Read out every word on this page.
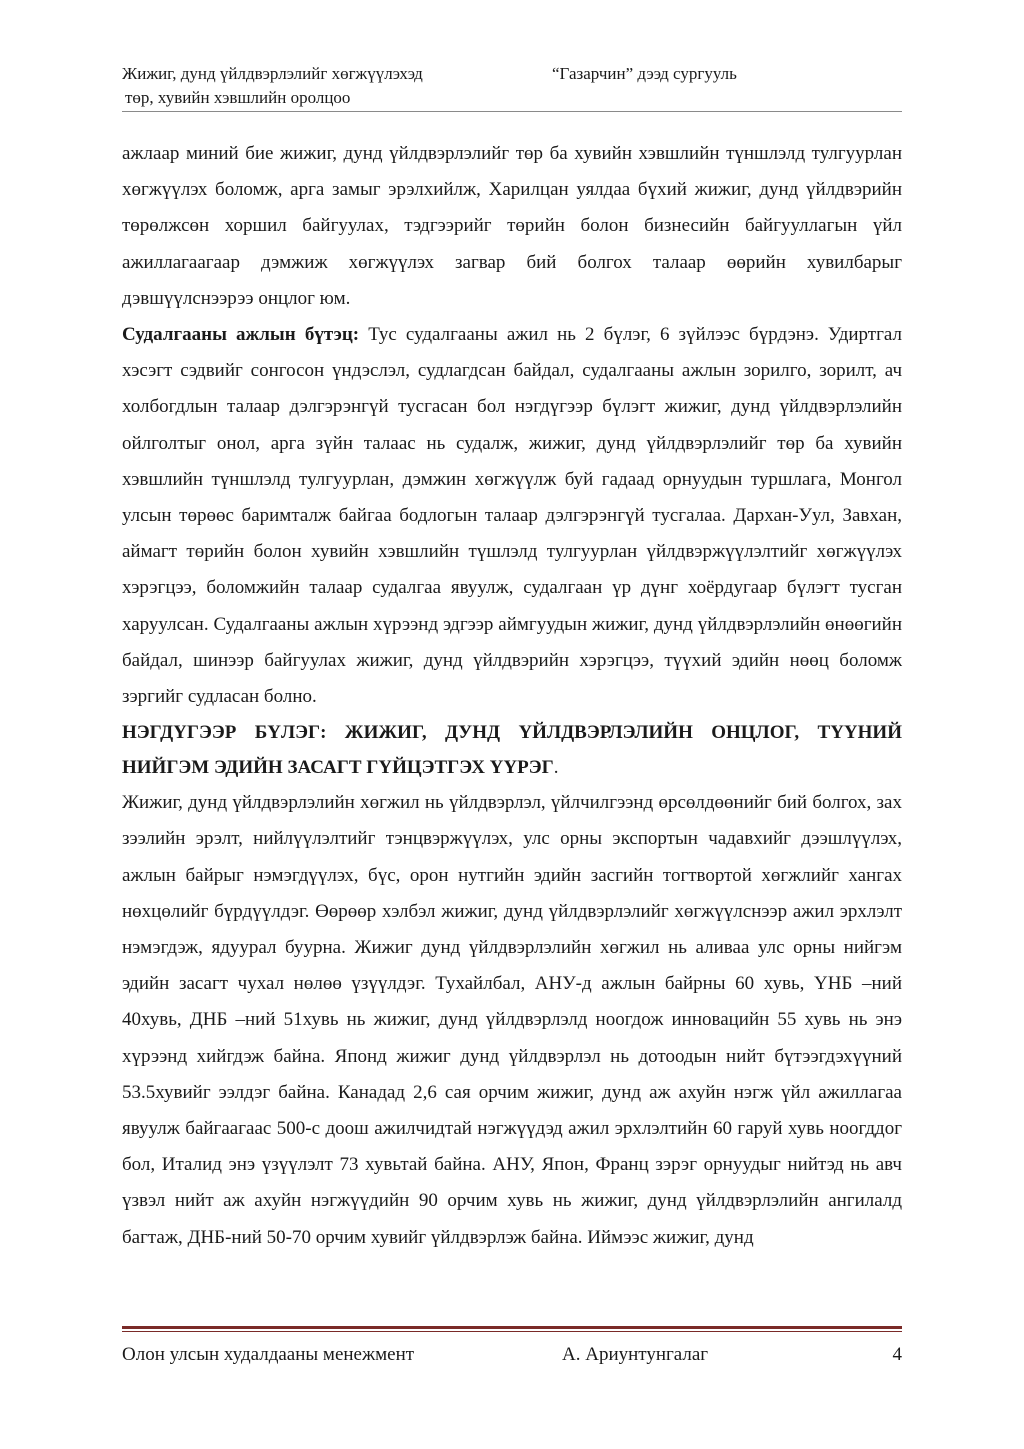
Жижиг, дунд үйлдвэрлэлийг хөгжүүлэхэд
төр, хувийн хэвшлийн оролцоо
“Газарчин” дээд сургууль

ажлаар миний бие жижиг, дунд үйлдвэрлэлийг төр ба хувийн хэвшлийн түншлэлд тулгуурлан хөгжүүлэх боломж, арга замыг эрэлхийлж, Харилцан уялдаа бүхий жижиг, дунд үйлдвэрийн төрөлжсөн хоршил байгуулах, тэдгээрийг төрийн болон бизнесийн байгууллагын үйл ажиллагаагаар дэмжиж хөгжүүлэх загвар бий болгох талаар өөрийн хувилбарыг дэвшүүлснээрээ онцлог юм.

Судалгааны ажлын бүтэц: Тус судалгааны ажил нь 2 бүлэг, 6 зүйлээс бүрдэнэ. Удиртгал хэсэгт сэдвийг сонгосон үндэслэл, судлагдсан байдал, судалгааны ажлын зорилго, зорилт, ач холбогдлын талаар дэлгэрэнгүй тусгасан бол нэгдүгээр бүлэгт жижиг, дунд үйлдвэрлэлийн ойлголтыг онол, арга зүйн талаас нь судалж, жижиг, дунд үйлдвэрлэлийг төр ба хувийн хэвшлийн түншлэлд тулгуурлан, дэмжин хөгжүүлж буй гадаад орнуудын туршлага, Монгол улсын төрөөс баримталж байгаа бодлогын талаар дэлгэрэнгүй тусгалаа. Дархан-Уул, Завхан, аймагт төрийн болон хувийн хэвшлийн түшлэлд тулгуурлан үйлдвэржүүлэлтийг хөгжүүлэх хэрэгцээ, боломжийн талаар судалгаа явуулж, судалгаан үр дүнг хоёрдугаар бүлэгт тусган харуулсан. Судалгааны ажлын хүрээнд эдгээр аймгуудын жижиг, дунд үйлдвэрлэлийн өнөөгийн байдал, шинээр байгуулах жижиг, дунд үйлдвэрийн хэрэгцээ, түүхий эдийн нөөц боломж зэргийг судласан болно.

НЭГДҮГЭЭР БҮЛЭГ: ЖИЖИГ, ДУНД ҮЙЛДВЭРЛЭЛИЙН ОНЦЛОГ, ТҮҮНИЙ НИЙГЭМ ЭДИЙН ЗАСАГТ ГҮЙЦЭТГЭХ ҮҮРЭГ.

Жижиг, дунд үйлдвэрлэлийн хөгжил нь үйлдвэрлэл, үйлчилгээнд өрсөлдөөнийг бий болгох, зах зээлийн эрэлт, нийлүүлэлтийг тэнцвэржүүлэх, улс орны экспортын чадавхийг дээшлүүлэх, ажлын байрыг нэмэгдүүлэх, бүс, орон нутгийн эдийн засгийн тогтвортой хөгжлийг хангах нөхцөлийг бүрдүүлдэг. Өөрөөр хэлбэл жижиг, дунд үйлдвэрлэлийг хөгжүүлснээр ажил эрхлэлт нэмэгдэж, ядуурал буурна. Жижиг дунд үйлдвэрлэлийн хөгжил нь аливаа улс орны нийгэм эдийн засагт чухал нөлөө үзүүлдэг. Тухайлбал, АНУ-д ажлын байрны 60 хувь, ҮНБ –ний 40хувь, ДНБ –ний 51хувь нь жижиг, дунд үйлдвэрлэлд ноогдож инновацийн 55 хувь нь энэ хүрээнд хийгдэж байна. Японд жижиг дунд үйлдвэрлэл нь дотоодын нийт бүтээгдэхүүний 53.5хувийг ээлдэг байна. Канадад 2,6 сая орчим жижиг, дунд аж ахуйн нэгж үйл ажиллагаа явуулж байгаагаас 500-с доош ажилчидтай нэгжүүдэд ажил эрхлэлтийн 60 гаруй хувь ноогддог бол, Италид энэ үзүүлэлт 73 хувьтай байна. АНУ, Япон, Франц зэрэг орнуудыг нийтэд нь авч үзвэл нийт аж ахуйн нэгжүүдийн 90 орчим хувь нь жижиг, дунд үйлдвэрлэлийн ангилалд багтаж, ДНБ-ний 50-70 орчим хувийг үйлдвэрлэж байна. Иймээс жижиг, дунд

Олон улсын худалдааны менежмент	А. Ариунтунгалаг	4
